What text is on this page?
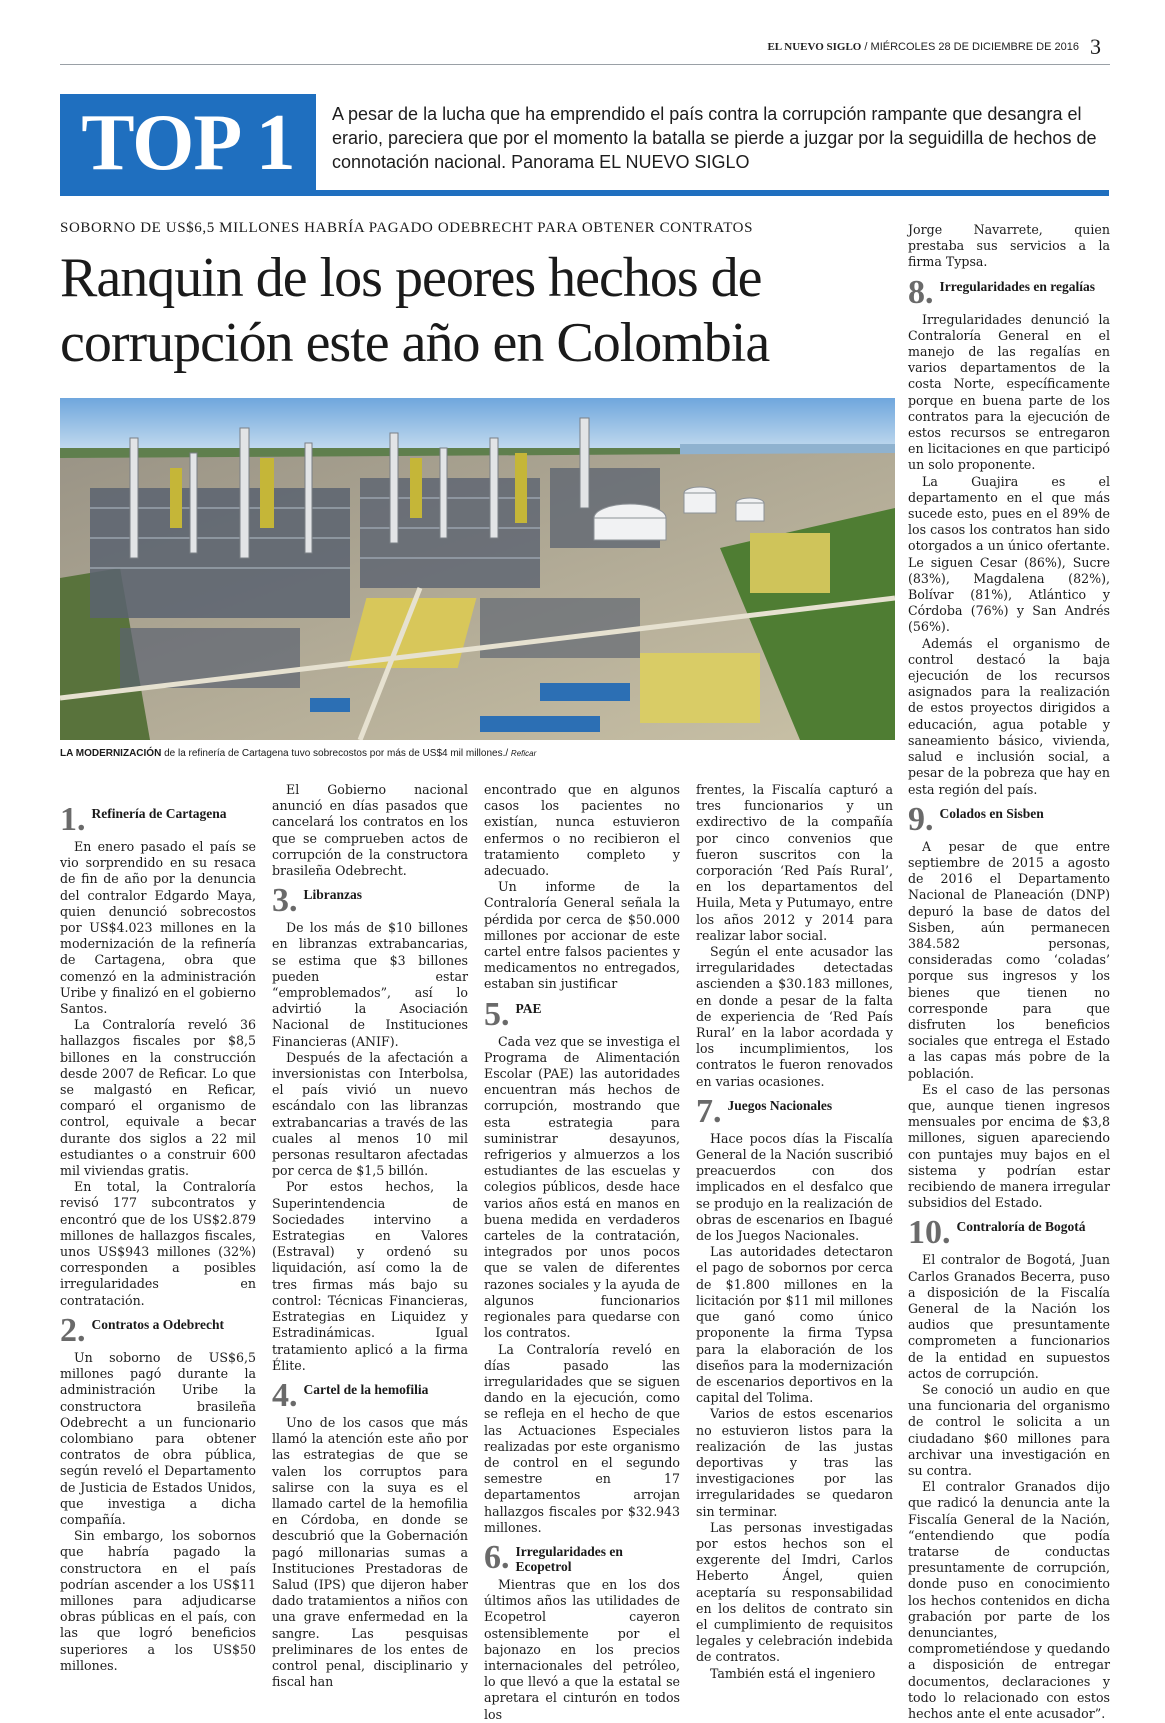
EL NUEVO SIGLO / MIÉRCOLES 28 DE DICIEMBRE DE 2016 3
TOP 1	A pesar de la lucha que ha emprendido el país contra la corrupción rampante que desangra el erario, pareciera que por el momento la batalla se pierde a juzgar por la seguidilla de hechos de connotación nacional. Panorama EL NUEVO SIGLO
SOBORNO DE US$6,5 MILLONES HABRÍA PAGADO ODEBRECHT PARA OBTENER CONTRATOS
Ranquin de los peores hechos de corrupción este año en Colombia
LA MODERNIZACIÓN de la refinería de Cartagena tuvo sobrecostos por más de US$4 mil millones./ Reficar
1. Refinería de Cartagena

En enero pasado el país se vio sorprendido en su resaca de fin de año por la denuncia del contralor Edgardo Maya, quien denunció sobrecostos por US$4.023 millones en la modernización de la refinería de Cartagena, obra que comenzó en la administración Uribe y finalizó en el gobierno Santos.

La Contraloría reveló 36 hallazgos fiscales por $8,5 billones en la construcción desde 2007 de Reficar. Lo que se malgastó en Reficar, comparó el organismo de control, equivale a becar durante dos siglos a 22 mil estudiantes o a construir 600 mil viviendas gratis.

En total, la Contraloría revisó 177 subcontratos y encontró que de los US$2.879 millones de hallazgos fiscales, unos US$943 millones (32%) corresponden a posibles irregularidades en contratación.

2. Contratos a Odebrecht

Un soborno de US$6,5 millones pagó durante la administración Uribe la constructora brasileña Odebrecht a un funcionario colombiano para obtener contratos de obra pública, según reveló el Departamento de Justicia de Estados Unidos, que investiga a dicha compañía.

Sin embargo, los sobornos que habría pagado la constructora en el país podrían ascender a los US$11 millones para adjudicarse obras públicas en el país, con las que logró beneficios superiores a los US$50 millones.

El Gobierno nacional anunció en días pasados que cancelará los contratos en los que se comprueben actos de corrupción de la constructora brasileña Odebrecht.

3. Libranzas

De los más de $10 billones en libranzas extrabancarias, se estima que $3 billones pueden estar “emproblemados”, así lo advirtió la Asociación Nacional de Instituciones Financieras (ANIF).

Después de la afectación a inversionistas con Interbolsa, el país vivió un nuevo escándalo con las libranzas extrabancarias a través de las cuales al menos 10 mil personas resultaron afectadas por cerca de $1,5 billón.

Por estos hechos, la Superintendencia de Sociedades intervino a Estrategias en Valores (Estraval) y ordenó su liquidación, así como la de tres firmas más bajo su control: Técnicas Financieras, Estrategias en Liquidez y Estradinámicas. Igual tratamiento aplicó a la firma Élite.

4. Cartel de la hemofilia

Uno de los casos que más llamó la atención este año por las estrategias de que se valen los corruptos para salirse con la suya es el llamado cartel de la hemofilia en Córdoba, en donde se descubrió que la Gobernación pagó millonarias sumas a Instituciones Prestadoras de Salud (IPS) que dijeron haber dado tratamientos a niños con una grave enfermedad en la sangre. Las pesquisas preliminares de los entes de control penal, disciplinario y fiscal han

encontrado que en algunos casos los pacientes no existían, nunca estuvieron enfermos o no recibieron el tratamiento completo y adecuado.

Un informe de la Contraloría General señala la pérdida por cerca de $50.000 millones por accionar de este cartel entre falsos pacientes y medicamentos no entregados, estaban sin justificar

5. PAE

Cada vez que se investiga el Programa de Alimentación Escolar (PAE) las autoridades encuentran más hechos de corrupción, mostrando que esta estrategia para suministrar desayunos, refrigerios y almuerzos a los estudiantes de las escuelas y colegios públicos, desde hace varios años está en manos en buena medida en verdaderos carteles de la contratación, integrados por unos pocos que se valen de diferentes razones sociales y la ayuda de algunos funcionarios regionales para quedarse con los contratos.

La Contraloría reveló en días pasado las irregularidades que se siguen dando en la ejecución, como se refleja en el hecho de que las Actuaciones Especiales realizadas por este organismo de control en el segundo semestre en 17 departamentos arrojan hallazgos fiscales por $32.943 millones.

6. Irregularidades en Ecopetrol

Mientras que en los dos últimos años las utilidades de Ecopetrol cayeron ostensiblemente por el bajonazo en los precios internacionales del petróleo, lo que llevó a que la estatal se apretara el cinturón en todos los

frentes, la Fiscalía capturó a tres funcionarios y un exdirectivo de la compañía por cinco convenios que fueron suscritos con la corporación ‘Red País Rural’, en los departamentos del Huila, Meta y Putumayo, entre los años 2012 y 2014 para realizar labor social.

Según el ente acusador las irregularidades detectadas ascienden a $30.183 millones, en donde a pesar de la falta de experiencia de ‘Red País Rural’ en la labor acordada y los incumplimientos, los contratos le fueron renovados en varias ocasiones.

7. Juegos Nacionales

Hace pocos días la Fiscalía General de la Nación suscribió preacuerdos con dos implicados en el desfalco que se produjo en la realización de obras de escenarios en Ibagué de los Juegos Nacionales.

Las autoridades detectaron el pago de sobornos por cerca de $1.800 millones en la licitación por $11 mil millones que ganó como único proponente la firma Typsa para la elaboración de los diseños para la modernización de escenarios deportivos en la capital del Tolima.

Varios de estos escenarios no estuvieron listos para la realización de las justas deportivas y tras las investigaciones por las irregularidades se quedaron sin terminar.

Las personas investigadas por estos hechos son el exgerente del Imdri, Carlos Heberto Ángel, quien aceptaría su responsabilidad en los delitos de contrato sin el cumplimiento de requisitos legales y celebración indebida de contratos.

También está el ingeniero

Jorge Navarrete, quien prestaba sus servicios a la firma Typsa.

8. Irregularidades en regalías

Irregularidades denunció la Contraloría General en el manejo de las regalías en varios departamentos de la costa Norte, específicamente porque en buena parte de los contratos para la ejecución de estos recursos se entregaron en licitaciones en que participó un solo proponente.

La Guajira es el departamento en el que más sucede esto, pues en el 89% de los casos los contratos han sido otorgados a un único ofertante. Le siguen Cesar (86%), Sucre (83%), Magdalena (82%), Bolívar (81%), Atlántico y Córdoba (76%) y San Andrés (56%).

Además el organismo de control destacó la baja ejecución de los recursos asignados para la realización de estos proyectos dirigidos a educación, agua potable y saneamiento básico, vivienda, salud e inclusión social, a pesar de la pobreza que hay en esta región del país.

9. Colados en Sisben

A pesar de que entre septiembre de 2015 a agosto de 2016 el Departamento Nacional de Planeación (DNP) depuró la base de datos del Sisben, aún permanecen 384.582 personas, consideradas como ‘coladas’ porque sus ingresos y los bienes que tienen no corresponde para que disfruten los beneficios sociales que entrega el Estado a las capas más pobre de la población.

Es el caso de las personas que, aunque tienen ingresos mensuales por encima de $3,8 millones, siguen apareciendo con puntajes muy bajos en el sistema y podrían estar recibiendo de manera irregular subsidios del Estado.

10. Contraloría de Bogotá

El contralor de Bogotá, Juan Carlos Granados Becerra, puso a disposición de la Fiscalía General de la Nación los audios que presuntamente comprometen a funcionarios de la entidad en supuestos actos de corrupción.

Se conoció un audio en que una funcionaria del organismo de control le solicita a un ciudadano $60 millones para archivar una investigación en su contra.

El contralor Granados dijo que radicó la denuncia ante la Fiscalía General de la Nación, “entendiendo que podía tratarse de conductas presuntamente de corrupción, donde puso en conocimiento los hechos contenidos en dicha grabación por parte de los denunciantes, comprometiéndose y quedando a disposición de entregar documentos, declaraciones y todo lo relacionado con estos hechos ante el ente acusador”.
